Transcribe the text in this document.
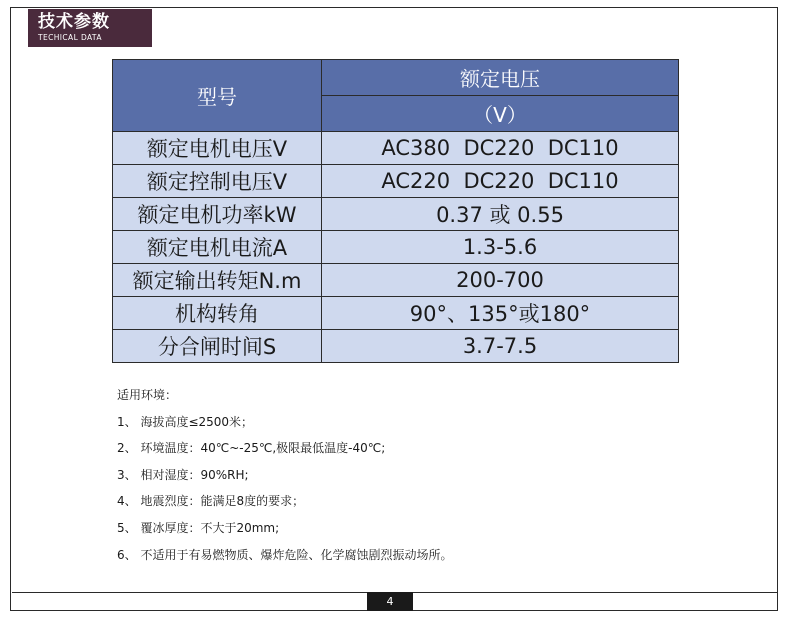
技术参数
TECHICAL DATA
型号	额定电压
	（V）
额定电机电压V	AC380  DC220  DC110
额定控制电压V	AC220  DC220  DC110
额定电机功率kW	0.37 或 0.55
额定电机电流A	1.3-5.6
额定输出转矩N.m	200-700
机构转角	90°、135°或180°
分合闸时间S	3.7-7.5
适用环境：
1、 海拔高度≤2500米；
2、 环境温度：40℃~-25℃,极限最低温度-40℃;
3、 相对湿度：90%RH;
4、 地震烈度：能满足8度的要求；
5、 覆冰厚度：不大于20mm;
6、 不适用于有易燃物质、爆炸危险、化学腐蚀剧烈振动场所。
4
